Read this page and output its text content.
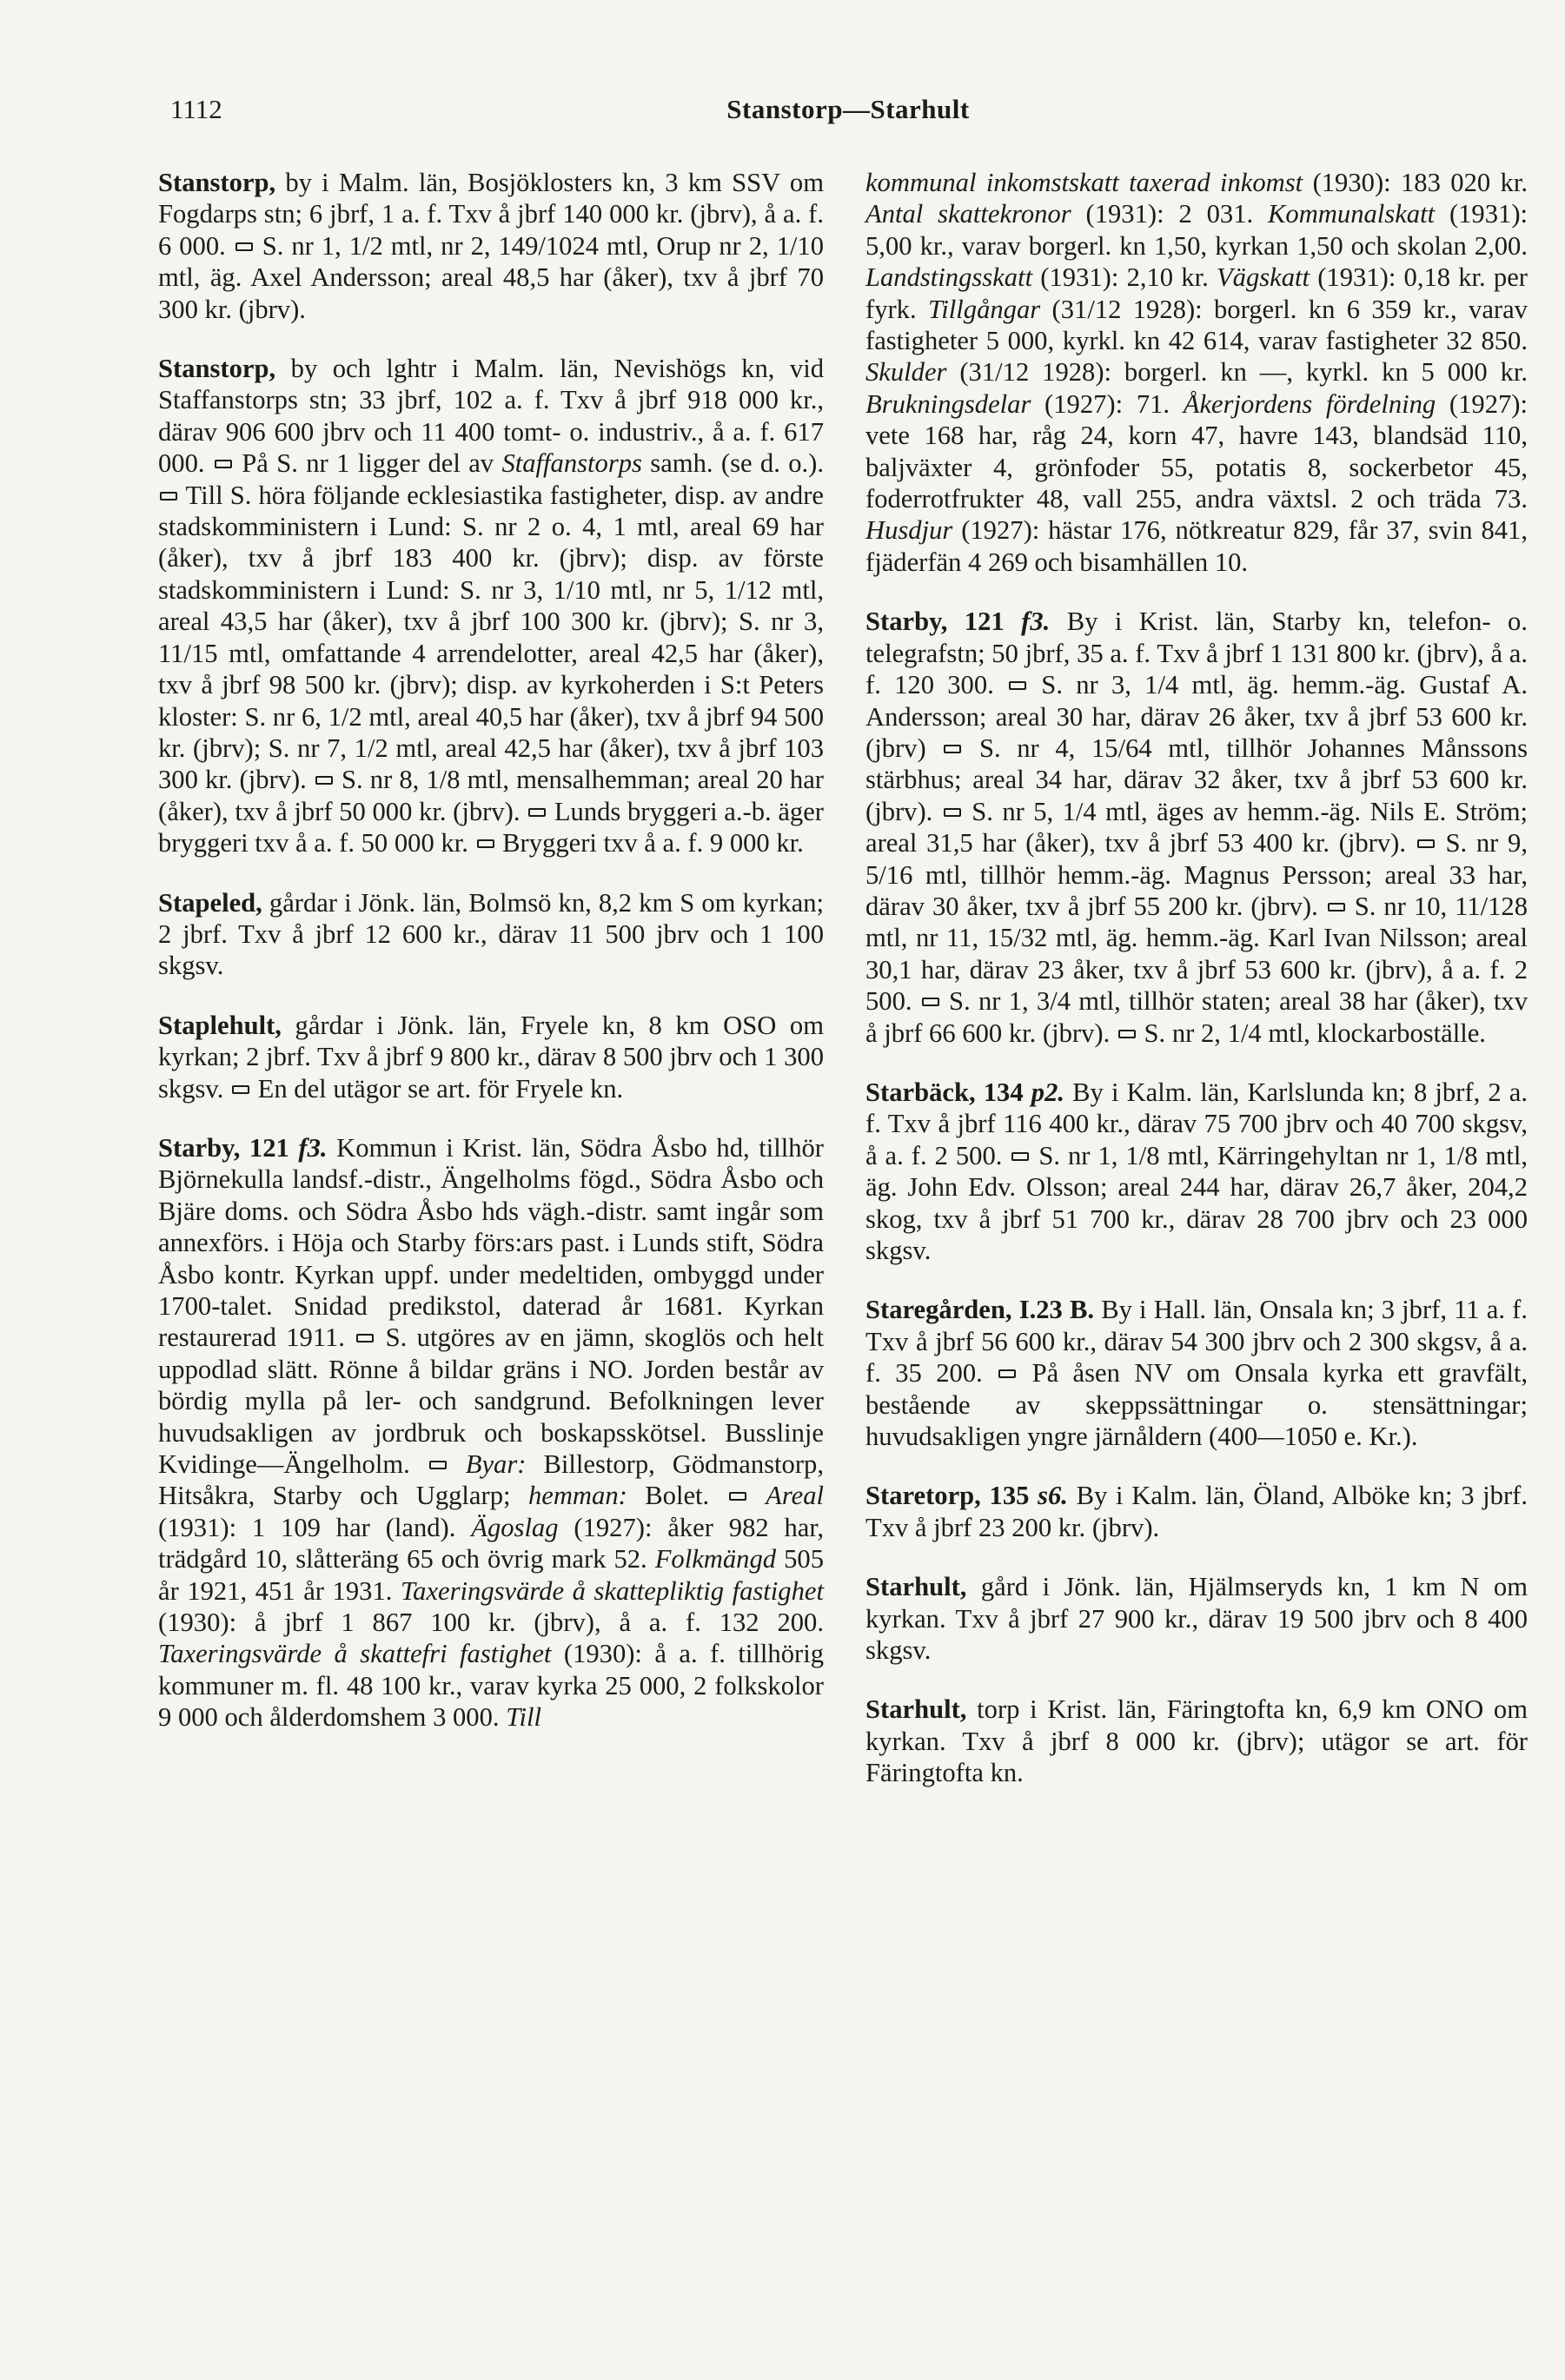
1112	Stanstorp—Starhult
Stanstorp, by i Malm. län, Bosjöklosters kn, 3 km SSV om Fogdarps stn; 6 jbrf, 1 a. f. Txv å jbrf 140 000 kr. (jbrv), å a. f. 6 000.  S. nr 1, 1/2 mtl, nr 2, 149/1024 mtl, Orup nr 2, 1/10 mtl, äg. Axel Andersson; areal 48,5 har (åker), txv å jbrf 70 300 kr. (jbrv).
Stanstorp, by och lghtr i Malm. län, Nevishögs kn, vid Staffanstorps stn; 33 jbrf, 102 a. f. Txv å jbrf 918 000 kr., därav 906 600 jbrv och 11 400 tomt- o. industriv., å a. f. 617 000.  På S. nr 1 ligger del av Staffanstorps samh. (se d. o.).  Till S. höra följande ecklesiastika fastigheter, disp. av andre stadskomministern i Lund: S. nr 2 o. 4, 1 mtl, areal 69 har (åker), txv å jbrf 183 400 kr. (jbrv); disp. av förste stadskomministern i Lund: S. nr 3, 1/10 mtl, nr 5, 1/12 mtl, areal 43,5 har (åker), txv å jbrf 100 300 kr. (jbrv); S. nr 3, 11/15 mtl, omfattande 4 arrendelotter, areal 42,5 har (åker), txv å jbrf 98 500 kr. (jbrv); disp. av kyrkoherden i S:t Peters kloster: S. nr 6, 1/2 mtl, areal 40,5 har (åker), txv å jbrf 94 500 kr. (jbrv); S. nr 7, 1/2 mtl, areal 42,5 har (åker), txv å jbrf 103 300 kr. (jbrv).  S. nr 8, 1/8 mtl, mensalhemman; areal 20 har (åker), txv å jbrf 50 000 kr. (jbrv).  Lunds bryggeri a.-b. äger bryggeri txv å a. f. 50 000 kr.  Bryggeri txv å a. f. 9 000 kr.
Stapeled, gårdar i Jönk. län, Bolmsö kn, 8,2 km S om kyrkan; 2 jbrf. Txv å jbrf 12 600 kr., därav 11 500 jbrv och 1 100 skgsv.
Staplehult, gårdar i Jönk. län, Fryele kn, 8 km OSO om kyrkan; 2 jbrf. Txv å jbrf 9 800 kr., därav 8 500 jbrv och 1 300 skgsv.  En del utägor se art. för Fryele kn.
Starby, 121 f3. Kommun i Krist. län, Södra Åsbo hd, tillhör Björnekulla landsf.-distr., Ängelholms fögd., Södra Åsbo och Bjäre doms. och Södra Åsbo hds vägh.-distr. samt ingår som annexförs. i Höja och Starby förs:ars past. i Lunds stift, Södra Åsbo kontr. Kyrkan uppf. under medeltiden, ombyggd under 1700-talet. Snidad predikstol, daterad år 1681. Kyrkan restaurerad 1911.  S. utgöres av en jämn, skoglös och helt uppodlad slätt. Rönne å bildar gräns i NO. Jorden består av bördig mylla på ler- och sandgrund. Befolkningen lever huvudsakligen av jordbruk och boskapsskötsel. Busslinje Kvidinge—Ängelholm.  Byar: Billestorp, Gödmanstorp, Hitsåkra, Starby och Ugglarp; hemman: Bolet.  Areal (1931): 1 109 har (land). Ägoslag (1927): åker 982 har, trädgård 10, slåtteräng 65 och övrig mark 52. Folkmängd 505 år 1921, 451 år 1931. Taxeringsvärde å skattepliktig fastighet (1930): å jbrf 1 867 100 kr. (jbrv), å a. f. 132 200. Taxeringsvärde å skattefri fastighet (1930): å a. f. tillhörig kommuner m. fl. 48 100 kr., varav kyrka 25 000, 2 folkskolor 9 000 och ålderdomshem 3 000. Till
kommunal inkomstskatt taxerad inkomst (1930): 183 020 kr. Antal skattekronor (1931): 2 031. Kommunalskatt (1931): 5,00 kr., varav borgerl. kn 1,50, kyrkan 1,50 och skolan 2,00. Landstingsskatt (1931): 2,10 kr. Vägskatt (1931): 0,18 kr. per fyrk. Tillgångar (31/12 1928): borgerl. kn 6 359 kr., varav fastigheter 5 000, kyrkl. kn 42 614, varav fastigheter 32 850. Skulder (31/12 1928): borgerl. kn —, kyrkl. kn 5 000 kr. Brukningsdelar (1927): 71. Åkerjordens fördelning (1927): vete 168 har, råg 24, korn 47, havre 143, blandsäd 110, baljväxter 4, grönfoder 55, potatis 8, sockerbetor 45, foderrotfrukter 48, vall 255, andra växtsl. 2 och träda 73. Husdjur (1927): hästar 176, nötkreatur 829, får 37, svin 841, fjäderfän 4 269 och bisamhällen 10.
Starby, 121 f3. By i Krist. län, Starby kn, telefon- o. telegrafstn; 50 jbrf, 35 a. f. Txv å jbrf 1 131 800 kr. (jbrv), å a. f. 120 300.  S. nr 3, 1/4 mtl, äg. hemm.-äg. Gustaf A. Andersson; areal 30 har, därav 26 åker, txv å jbrf 53 600 kr. (jbrv)  S. nr 4, 15/64 mtl, tillhör Johannes Månssons stärbhus; areal 34 har, därav 32 åker, txv å jbrf 53 600 kr. (jbrv).  S. nr 5, 1/4 mtl, äges av hemm.-äg. Nils E. Ström; areal 31,5 har (åker), txv å jbrf 53 400 kr. (jbrv).  S. nr 9, 5/16 mtl, tillhör hemm.-äg. Magnus Persson; areal 33 har, därav 30 åker, txv å jbrf 55 200 kr. (jbrv).  S. nr 10, 11/128 mtl, nr 11, 15/32 mtl, äg. hemm.-äg. Karl Ivan Nilsson; areal 30,1 har, därav 23 åker, txv å jbrf 53 600 kr. (jbrv), å a. f. 2 500.  S. nr 1, 3/4 mtl, tillhör staten; areal 38 har (åker), txv å jbrf 66 600 kr. (jbrv).  S. nr 2, 1/4 mtl, klockarboställe.
Starbäck, 134 p2. By i Kalm. län, Karlslunda kn; 8 jbrf, 2 a. f. Txv å jbrf 116 400 kr., därav 75 700 jbrv och 40 700 skgsv, å a. f. 2 500.  S. nr 1, 1/8 mtl, Kärringehyltan nr 1, 1/8 mtl, äg. John Edv. Olsson; areal 244 har, därav 26,7 åker, 204,2 skog, txv å jbrf 51 700 kr., därav 28 700 jbrv och 23 000 skgsv.
Staregården, I.23 B. By i Hall. län, Onsala kn; 3 jbrf, 11 a. f. Txv å jbrf 56 600 kr., därav 54 300 jbrv och 2 300 skgsv, å a. f. 35 200.  På åsen NV om Onsala kyrka ett gravfält, bestående av skeppssättningar o. stensättningar; huvudsakligen yngre järnåldern (400—1050 e. Kr.).
Staretorp, 135 s6. By i Kalm. län, Öland, Alböke kn; 3 jbrf. Txv å jbrf 23 200 kr. (jbrv).
Starhult, gård i Jönk. län, Hjälmseryds kn, 1 km N om kyrkan. Txv å jbrf 27 900 kr., därav 19 500 jbrv och 8 400 skgsv.
Starhult, torp i Krist. län, Färingtofta kn, 6,9 km ONO om kyrkan. Txv å jbrf 8 000 kr. (jbrv); utägor se art. för Färingtofta kn.
